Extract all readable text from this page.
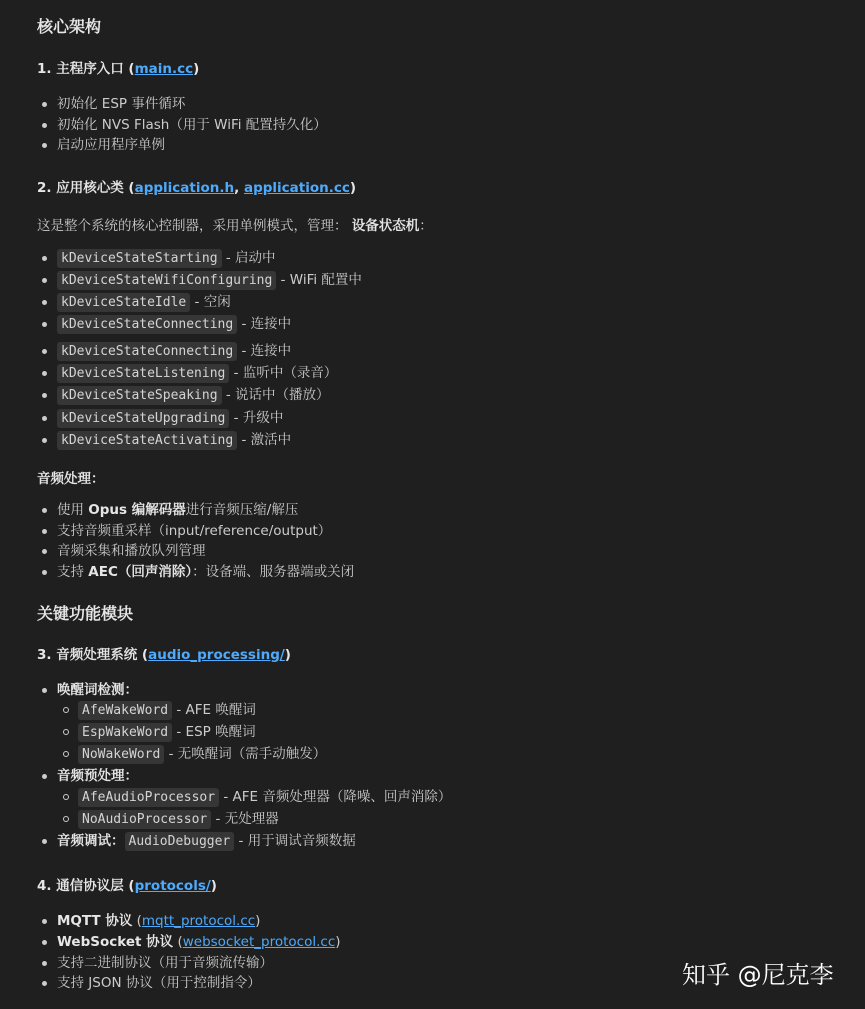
核心架构
1. 主程序入口 (main.cc)
初始化 ESP 事件循环
初始化 NVS Flash（用于 WiFi 配置持久化）
启动应用程序单例
2. 应用核心类 (application.h, application.cc)
这是整个系统的核心控制器，采用单例模式，管理： 设备状态机：
kDeviceStateStarting - 启动中
kDeviceStateWifiConfiguring - WiFi 配置中
kDeviceStateIdle - 空闲
kDeviceStateConnecting - 连接中
kDeviceStateConnecting - 连接中
kDeviceStateListening - 监听中（录音）
kDeviceStateSpeaking - 说话中（播放）
kDeviceStateUpgrading - 升级中
kDeviceStateActivating - 激活中
音频处理：
使用 Opus 编解码器进行音频压缩/解压
支持音频重采样（input/reference/output）
音频采集和播放队列管理
支持 AEC（回声消除）：设备端、服务器端或关闭
关键功能模块
3. 音频处理系统 (audio_processing/)
唤醒词检测：
AfeWakeWord - AFE 唤醒词
EspWakeWord - ESP 唤醒词
NoWakeWord - 无唤醒词（需手动触发）
音频预处理：
AfeAudioProcessor - AFE 音频处理器（降噪、回声消除）
NoAudioProcessor - 无处理器
音频调试： AudioDebugger - 用于调试音频数据
4. 通信协议层 (protocols/)
MQTT 协议 (mqtt_protocol.cc)
WebSocket 协议 (websocket_protocol.cc)
支持二进制协议（用于音频流传输）
支持 JSON 协议（用于控制指令）	知乎 @尼克李
